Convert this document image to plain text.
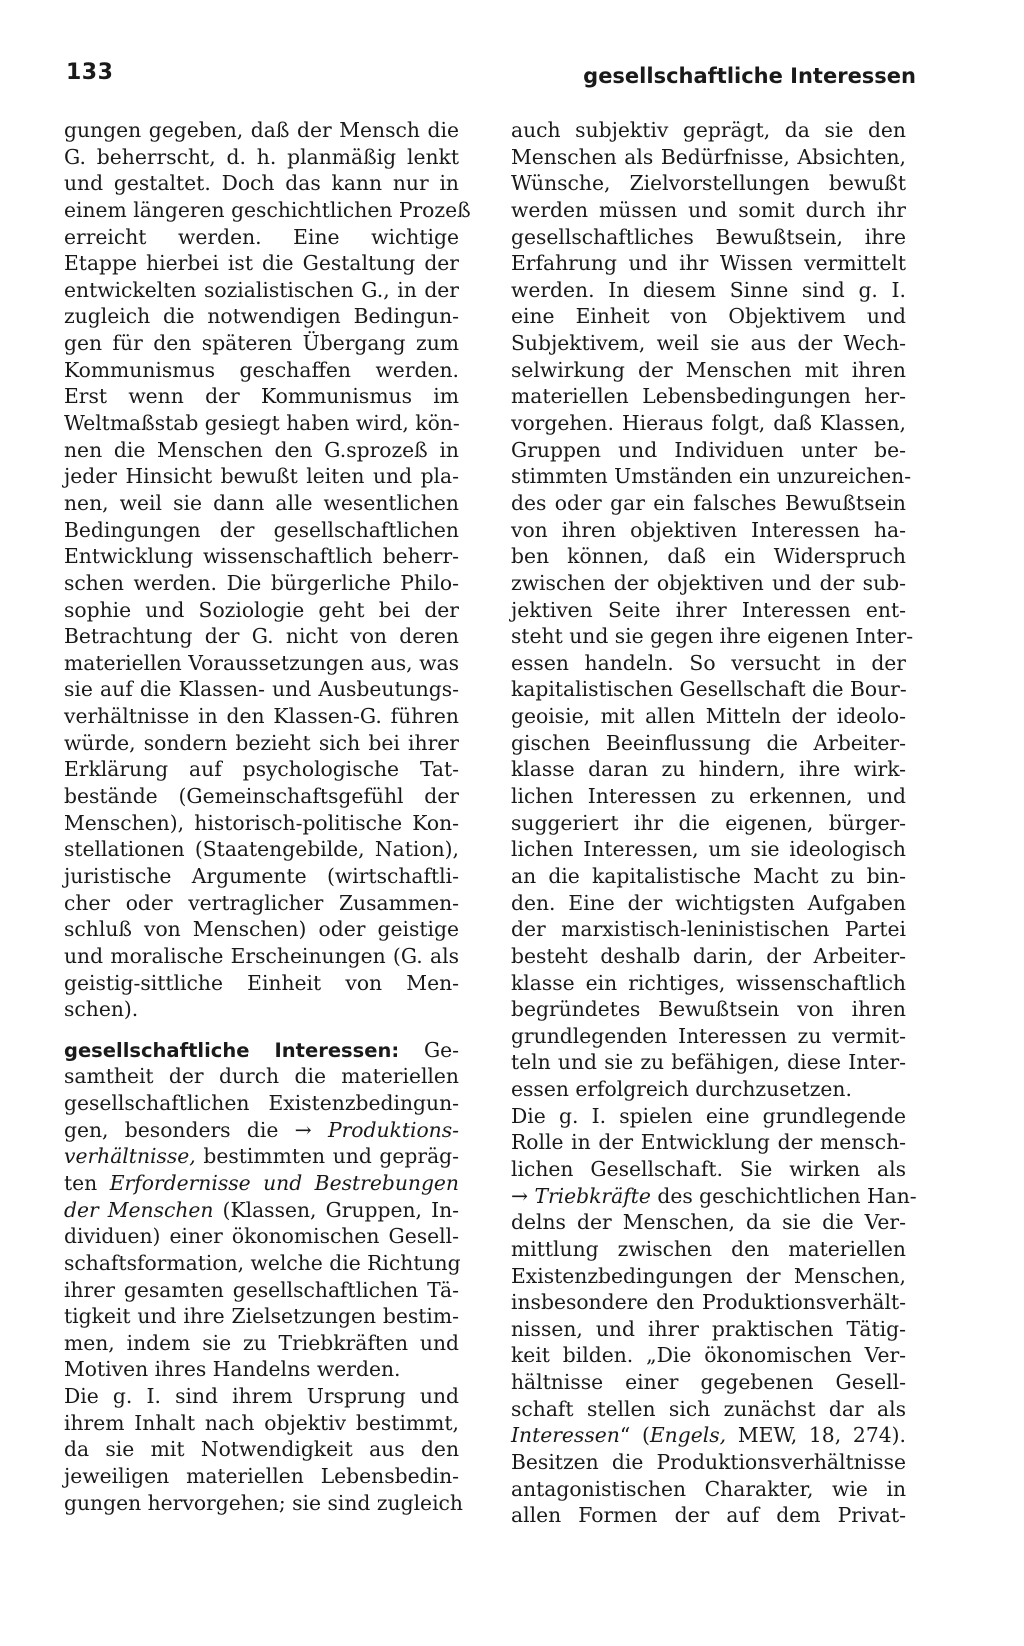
133	gesellschaftliche Interessen
gungen gegeben, daß der Mensch die
G. beherrscht, d. h. planmäßig lenkt
und gestaltet. Doch das kann nur in
einem längeren geschichtlichen Prozeß
erreicht werden. Eine wichtige
Etappe hierbei ist die Gestaltung der
entwickelten sozialistischen G., in der
zugleich die notwendigen Bedingun-
gen für den späteren Übergang zum
Kommunismus geschaffen werden.
Erst wenn der Kommunismus im
Weltmaßstab gesiegt haben wird, kön-
nen die Menschen den G.sprozeß in
jeder Hinsicht bewußt leiten und pla-
nen, weil sie dann alle wesentlichen
Bedingungen der gesellschaftlichen
Entwicklung wissenschaftlich beherr-
schen werden. Die bürgerliche Philo-
sophie und Soziologie geht bei der
Betrachtung der G. nicht von deren
materiellen Voraussetzungen aus, was
sie auf die Klassen- und Ausbeutungs-
verhältnisse in den Klassen-G. führen
würde, sondern bezieht sich bei ihrer
Erklärung auf psychologische Tat-
bestände (Gemeinschaftsgefühl der
Menschen), historisch-politische Kon-
stellationen (Staatengebilde, Nation),
juristische Argumente (wirtschaftli-
cher oder vertraglicher Zusammen-
schluß von Menschen) oder geistige
und moralische Erscheinungen (G. als
geistig-sittliche Einheit von Men-
schen).
gesellschaftliche Interessen: Ge-
samtheit der durch die materiellen
gesellschaftlichen Existenzbedingun-
gen, besonders die → Produktions-
verhältnisse, bestimmten und gepräg-
ten Erfordernisse und Bestrebungen
der Menschen (Klassen, Gruppen, In-
dividuen) einer ökonomischen Gesell-
schaftsformation, welche die Richtung
ihrer gesamten gesellschaftlichen Tä-
tigkeit und ihre Zielsetzungen bestim-
men, indem sie zu Triebkräften und
Motiven ihres Handelns werden.
Die g. I. sind ihrem Ursprung und
ihrem Inhalt nach objektiv bestimmt,
da sie mit Notwendigkeit aus den
jeweiligen materiellen Lebensbedin-
gungen hervorgehen; sie sind zugleich
auch subjektiv geprägt, da sie den
Menschen als Bedürfnisse, Absichten,
Wünsche, Zielvorstellungen bewußt
werden müssen und somit durch ihr
gesellschaftliches Bewußtsein, ihre
Erfahrung und ihr Wissen vermittelt
werden. In diesem Sinne sind g. I.
eine Einheit von Objektivem und
Subjektivem, weil sie aus der Wech-
selwirkung der Menschen mit ihren
materiellen Lebensbedingungen her-
vorgehen. Hieraus folgt, daß Klassen,
Gruppen und Individuen unter be-
stimmten Umständen ein unzureichen-
des oder gar ein falsches Bewußtsein
von ihren objektiven Interessen ha-
ben können, daß ein Widerspruch
zwischen der objektiven und der sub-
jektiven Seite ihrer Interessen ent-
steht und sie gegen ihre eigenen Inter-
essen handeln. So versucht in der
kapitalistischen Gesellschaft die Bour-
geoisie, mit allen Mitteln der ideolo-
gischen Beeinflussung die Arbeiter-
klasse daran zu hindern, ihre wirk-
lichen Interessen zu erkennen, und
suggeriert ihr die eigenen, bürger-
lichen Interessen, um sie ideologisch
an die kapitalistische Macht zu bin-
den. Eine der wichtigsten Aufgaben
der marxistisch-leninistischen Partei
besteht deshalb darin, der Arbeiter-
klasse ein richtiges, wissenschaftlich
begründetes Bewußtsein von ihren
grundlegenden Interessen zu vermit-
teln und sie zu befähigen, diese Inter-
essen erfolgreich durchzusetzen.
Die g. I. spielen eine grundlegende
Rolle in der Entwicklung der mensch-
lichen Gesellschaft. Sie wirken als
→ Triebkräfte des geschichtlichen Han-
delns der Menschen, da sie die Ver-
mittlung zwischen den materiellen
Existenzbedingungen der Menschen,
insbesondere den Produktionsverhält-
nissen, und ihrer praktischen Tätig-
keit bilden. „Die ökonomischen Ver-
hältnisse einer gegebenen Gesell-
schaft stellen sich zunächst dar als
Interessen“ (Engels, MEW, 18, 274).
Besitzen die Produktionsverhältnisse
antagonistischen Charakter, wie in
allen Formen der auf dem Privat-
